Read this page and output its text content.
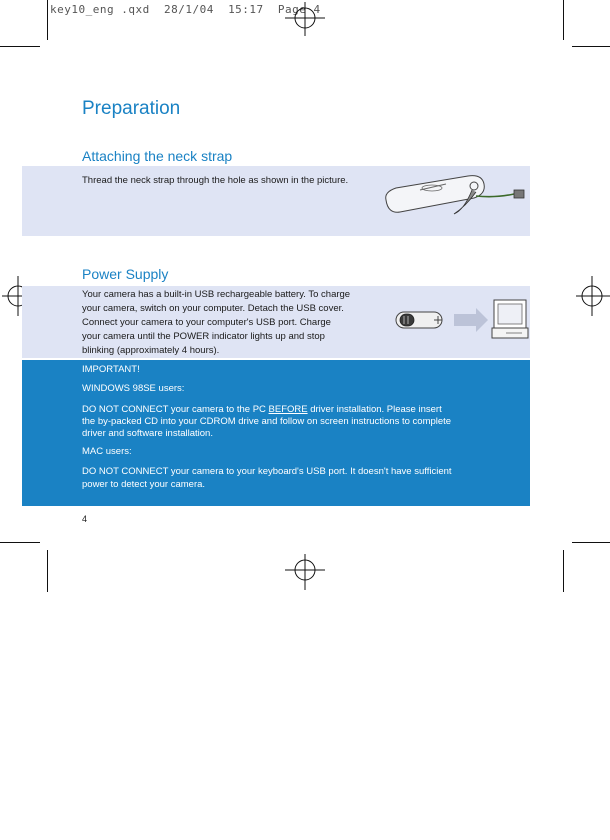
key10_eng .qxd  28/1/04  15:17  Page 4
Preparation
Attaching the neck strap
Thread the neck strap through the hole as shown in the picture.
Power Supply
Your camera has a built-in USB rechargeable battery. To charge
your camera, switch on your computer. Detach the USB cover.
Connect your camera to your computer's USB port. Charge
your camera until the POWER indicator lights up and stop
blinking (approximately 4 hours).

IMPORTANT!

WINDOWS 98SE users:

DO NOT CONNECT your camera to the PC BEFORE driver installation. Please insert

the by-packed CD into your CDROM drive and follow on screen instructions to complete

driver and software installation.

MAC users:

DO NOT CONNECT your camera to your keyboard's USB port. It doesn't have sufficient

power to detect your camera.

4
